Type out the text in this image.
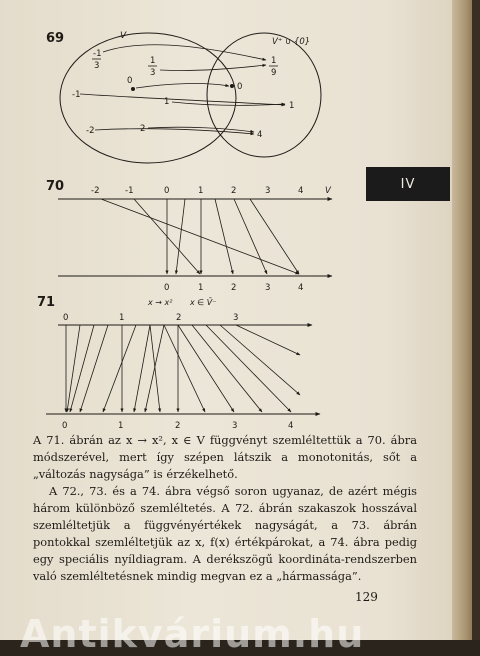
69	V
V⁺ ∪ {0}
-1
3	1
3
0
-1
1
-2	2
1
9
0
1
4
70	V
-2	-1	0	1	2	3	4
0	1	2	3	4
71	x → x² x ∈ V̄⁻
0	1	2	3
0	1	2	3	4
IV

A 71. ábrán az x → x², x ∈ V függvényt szemléltettük a 70. ábra módszerével, mert így szépen látszik a monotonitás, sőt a „változás nagysága” is érzékelhető.

A 72., 73. és a 74. ábra végső soron ugyanaz, de azért mégis három különböző szemléltetés. A 72. ábrán szakaszok hosszával szemléltetjük a függvényértékek nagyságát, a 73. ábrán pontokkal szemléltetjük az x, f(x) értékpárokat, a 74. ábra pedig egy speciális nyíldiagram. A derékszögű koordináta-rendszerben való szemléltetésnek mindig megvan ez a „hármassága”.

129
Antikvárium.hu
